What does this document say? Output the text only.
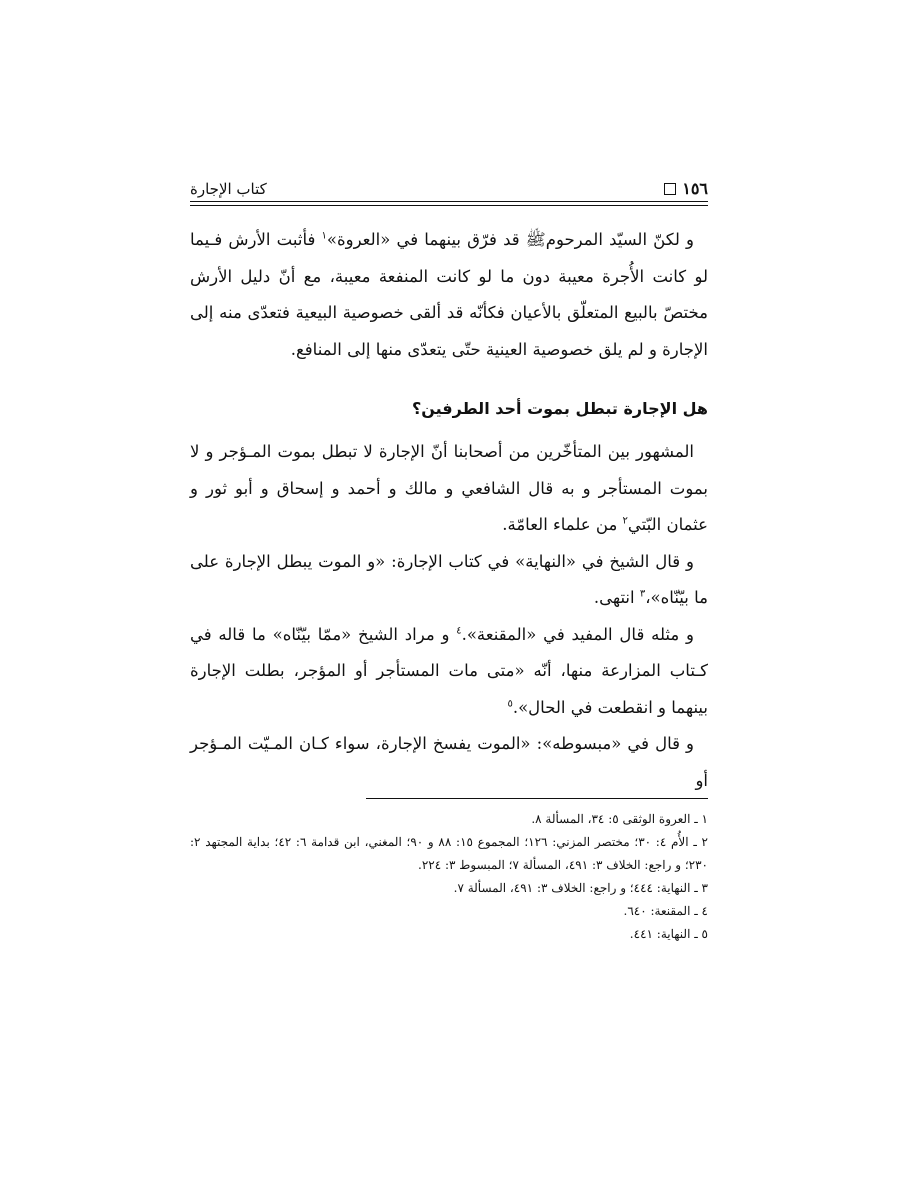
١٥٦
كتاب الإجارة

و لكنّ السيّد المرحومﷺ قد فرّق بينهما في «العروة»$^١$ فأثبت الأرش فـيما لو كانت الأُجرة معيبة دون ما لو كانت المنفعة معيبة، مع أنّ دليل الأرش مختصّ بالبيع المتعلّق بالأعيان فكأنّه قد ألقى خصوصية البيعية فتعدّى منه إلى الإجارة و لم يلق خصوصية العينية حتّى يتعدّى منها إلى المنافع.

هل الإجارة تبطل بموت أحد الطرفين؟

المشهور بين المتأخّرين من أصحابنا أنّ الإجارة لا تبطل بموت المـؤجر و لا بموت المستأجر و به قال الشافعي و مالك و أحمد و إسحاق و أبو ثور و عثمان البّتي$^٢$ من علماء العامّة.

و قال الشيخ في «النهاية» في كتاب الإجارة: «و الموت يبطل الإجارة على ما بيّنّاه»،$^٣$ انتهى.

و مثله قال المفيد في «المقنعة».$^٤$ و مراد الشيخ «ممّا بيّنّاه» ما قاله في كـتاب المزارعة منها، أنّه «متى مات المستأجر أو المؤجر، بطلت الإجارة بينهما و انقطعت في الحال».$^٥$

و قال في «مبسوطه»: «الموت يفسخ الإجارة، سواء كـان المـيّت المـؤجر أو

١ ـ العروة الوثقى ٥: ٣٤، المسألة ٨.
٢ ـ الأُم ٤: ٣٠؛ مختصر المزني: ١٢٦؛ المجموع ١٥: ٨٨ و ٩٠؛ المغني، ابن قدامة ٦: ٤٢؛ بداية المجتهد ٢: ٢٣٠؛ و راجع: الخلاف ٣: ٤٩١، المسألة ٧؛ المبسوط ٣: ٢٢٤.
٣ ـ النهاية: ٤٤٤؛ و راجع: الخلاف ٣: ٤٩١، المسألة ٧.
٤ ـ المقنعة: ٦٤٠.
٥ ـ النهاية: ٤٤١.
